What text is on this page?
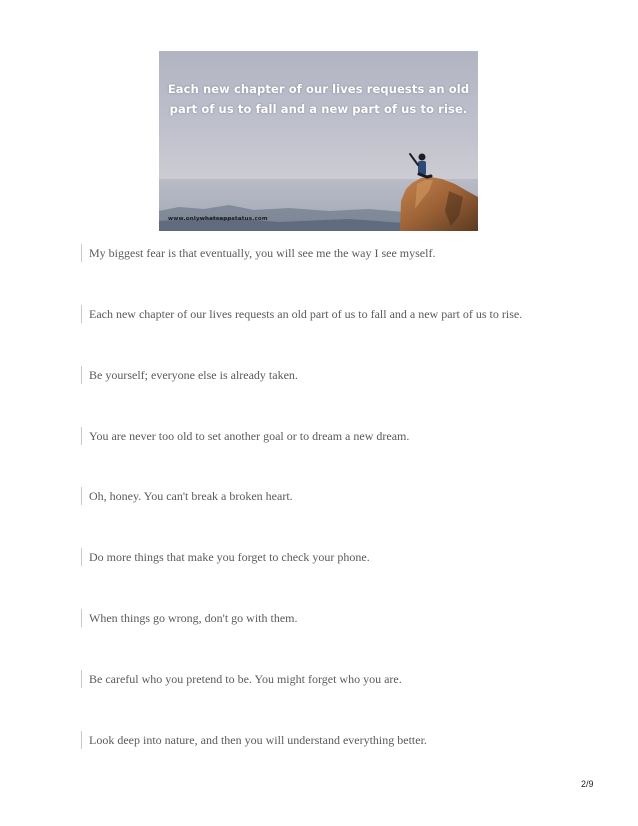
Each new chapter of our lives requests an old
part of us to fall and a new part of us to rise.
www.onlywhatsappstatus.com
My biggest fear is that eventually, you will see me the way I see myself.
Each new chapter of our lives requests an old part of us to fall and a new part of us to rise.
Be yourself; everyone else is already taken.
You are never too old to set another goal or to dream a new dream.
Oh, honey. You can't break a broken heart.
Do more things that make you forget to check your phone.
When things go wrong, don't go with them.
Be careful who you pretend to be. You might forget who you are.
Look deep into nature, and then you will understand everything better.
2/9
